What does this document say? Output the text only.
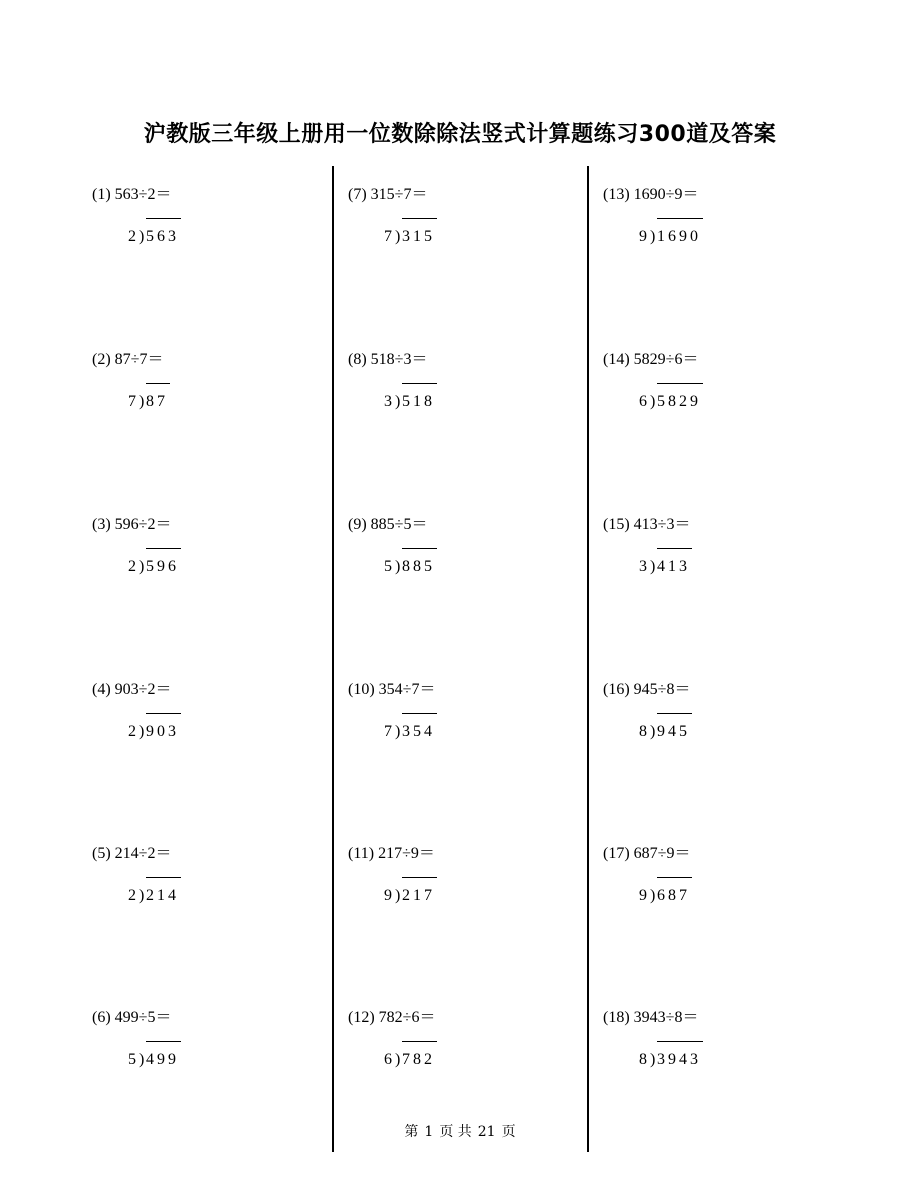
沪教版三年级上册用一位数除除法竖式计算题练习300道及答案
(1) 563÷2＝
2 ) 563
(2) 87÷7＝
7 ) 87
(3) 596÷2＝
2 ) 596
(4) 903÷2＝
2 ) 903
(5) 214÷2＝
2 ) 214
(6) 499÷5＝
5 ) 499
(7) 315÷7＝
7 ) 315
(8) 518÷3＝
3 ) 518
(9) 885÷5＝
5 ) 885
(10) 354÷7＝
7 ) 354
(11) 217÷9＝
9 ) 217
(12) 782÷6＝
6 ) 782
(13) 1690÷9＝
9 ) 1690
(14) 5829÷6＝
6 ) 5829
(15) 413÷3＝
3 ) 413
(16) 945÷8＝
8 ) 945
(17) 687÷9＝
9 ) 687
(18) 3943÷8＝
8 ) 3943
第 1 页 共 21 页
